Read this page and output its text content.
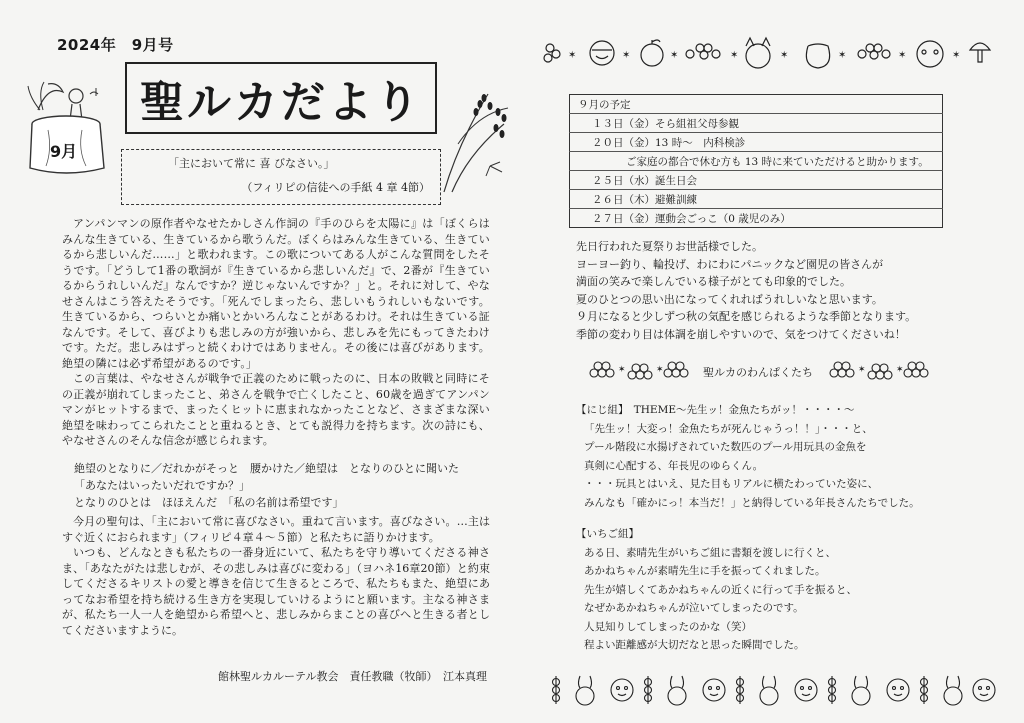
2024年　9月号
9月
聖ルカだより
「主において常に 喜 びなさい。」
（フィリピの信徒への手紙 4 章 4節）

アンパンマンの原作者やなせたかしさん作詞の『手のひらを太陽に』は「ぼくらはみんな生きている、生きているから歌うんだ。ぼくらはみんな生きている、生きているから悲しいんだ……」と歌われます。この歌についてある人がこんな質問をしたそうです。「どうして1番の歌詞が『生きているから悲しいんだ』で、2番が『生きているからうれしいんだ』なんですか？逆じゃないんですか？」と。それに対して、やなせさんはこう答えたそうです。「死んでしまったら、悲しいもうれしいもないです。生きているから、つらいとか痛いとかいろんなことがあるわけ。それは生きている証なんです。そして、喜びよりも悲しみの方が強いから、悲しみを先にもってきたわけです。ただ。悲しみはずっと続くわけではありません。その後には喜びがあります。絶望の隣には必ず希望があるのです。」

この言葉は、やなせさんが戦争で正義のために戦ったのに、日本の敗戦と同時にその正義が崩れてしまったこと、弟さんを戦争で亡くしたこと、60歳を過ぎてアンパンマンがヒットするまで、まったくヒットに恵まれなかったことなど、さまざまな深い絶望を味わってこられたことと重ねるとき、とても説得力を持ちます。次の詩にも、やなせさんのそんな信念が感じられます。

絶望のとなりに／だれかがそっと　腰かけた／絶望は　となりのひとに聞いた
「あなたはいったいだれですか？」
となりのひとは　ほほえんだ　「私の名前は希望です」

今月の聖句は、「主において常に喜びなさい。重ねて言います。喜びなさい。…主はすぐ近くにおられます」（フィリピ４章４〜５節）と私たちに語りかけます。

いつも、どんなときも私たちの一番身近にいて、私たちを守り導いてくださる神さま、「あなたがたは悲しむが、その悲しみは喜びに変わる」（ヨハネ16章20節）と約束してくださるキリストの愛と導きを信じて生きるところで、私たちもまた、絶望にあってなお希望を持ち続ける生き方を実現していけるようにと願います。主なる神さまが、私たち一人一人を絶望から希望へと、悲しみからまことの喜びへと生きる者としてくださいますように。

館林聖ルカルーテル教会　責任教職（牧師）　江本真理
✶	✶	✶	✶	✶	✶	✶	✶
９月の予定
１３日（金）そら組祖父母参観
２０日（金）13 時〜　内科検診
ご家庭の都合で休む方も 13 時に来ていただけると助かります。
２５日（水）誕生日会
２６日（木）避難訓練
２７日（金）運動会ごっこ（0 歳児のみ）
先日行われた夏祭りお世話様でした。
ヨーヨー釣り、輪投げ、わにわにパニックなど園児の皆さんが
満面の笑みで楽しんでいる様子がとても印象的でした。
夏のひとつの思い出になってくれればうれしいなと思います。
９月になると少しずつ秋の気配を感じられるような季節となります。
季節の変わり目は体調を崩しやすいので、気をつけてくださいね！
✶	✶	聖ルカのわんぱくたち	✶	✶
【にじ組】　THEME～先生ッ！金魚たちがッ！・・・・～
「先生ッ！大変っ！金魚たちが死んじゃうっ！！」・・・と、
プール階段に水揚げされていた数匹のプール用玩具の金魚を
真剣に心配する、年長児のゆらくん。
・・・玩具とはいえ、見た目もリアルに横たわっていた姿に、
みんなも「確かにっ！本当だ！」と納得している年長さんたちでした。
【いちご組】
ある日、素晴先生がいちご組に書類を渡しに行くと、
あかねちゃんが素晴先生に手を振ってくれました。
先生が嬉しくてあかねちゃんの近くに行って手を振ると、
なぜかあかねちゃんが泣いてしまったのです。
人見知りしてしまったのかな（笑）
程よい距離感が大切だなと思った瞬間でした。
